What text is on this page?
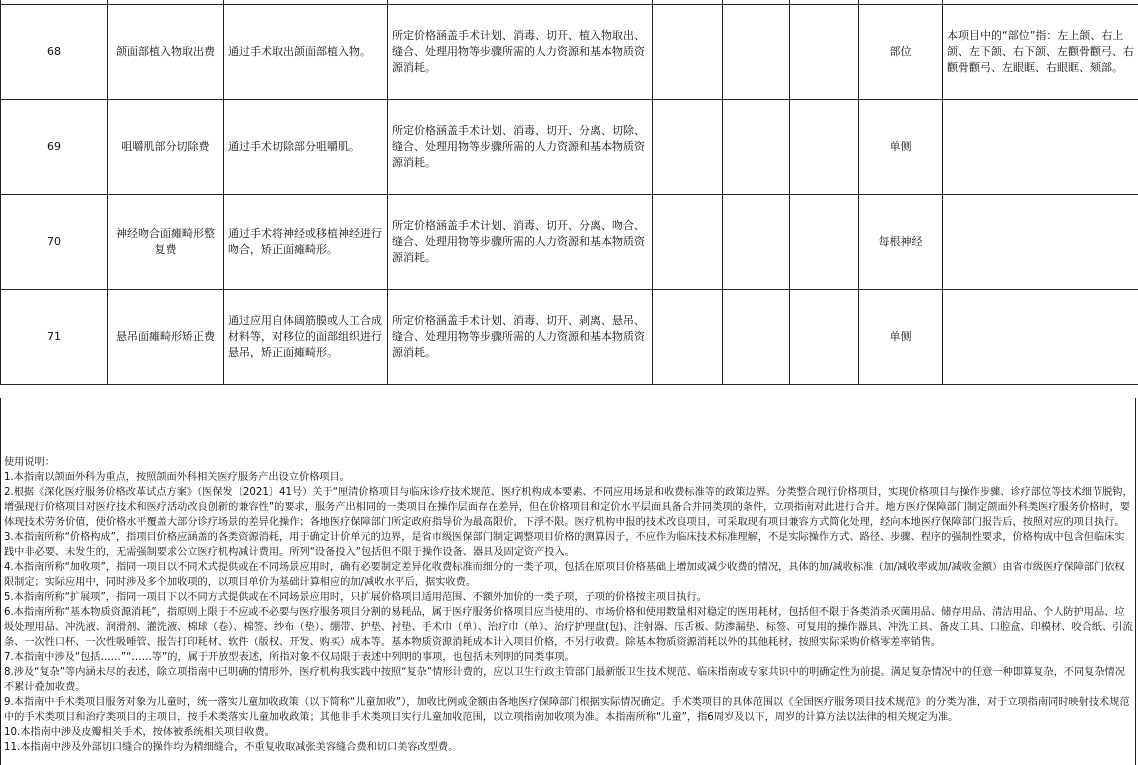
68	颌面部植入物取出费	通过手术取出颌面部植入物。	所定价格涵盖手术计划、消毒、切开、植入物取出、缝合、处理用物等步骤所需的人力资源和基本物质资源消耗。				部位	本项目中的“部位”指：左上颌、右上颌、左下颌、右下颌、左颧骨颧弓、右颧骨颧弓、左眼眶、右眼眶、颏部。
69	咀嚼肌部分切除费	通过手术切除部分咀嚼肌。	所定价格涵盖手术计划、消毒、切开、分离、切除、缝合、处理用物等步骤所需的人力资源和基本物质资源消耗。				单侧	
70	神经吻合面瘫畸形整复费	通过手术将神经或移植神经进行吻合，矫正面瘫畸形。	所定价格涵盖手术计划、消毒、切开、分离、吻合、缝合、处理用物等步骤所需的人力资源和基本物质资源消耗。				每根神经	
71	悬吊面瘫畸形矫正费	通过应用自体阔筋膜或人工合成材料等，对移位的面部组织进行悬吊，矫正面瘫畸形。	所定价格涵盖手术计划、消毒、切开、剥离、悬吊、缝合、处理用物等步骤所需的人力资源和基本物质资源消耗。				单侧	
使用说明：
1.本指南以颌面外科为重点，按照颌面外科相关医疗服务产出设立价格项目。
2.根据《深化医疗服务价格改革试点方案》（医保发〔2021〕41号）关于“厘清价格项目与临床诊疗技术规范、医疗机构成本要素、不同应用场景和收费标准等的政策边界。分类整合现行价格项目，实现价格项目与操作步骤、诊疗部位等技术细节脱钩，增强现行价格项目对医疗技术和医疗活动改良创新的兼容性”的要求，服务产出相同的一类项目在操作层面存在差异，但在价格项目和定价水平层面具备合并同类项的条件，立项指南对此进行合并。地方医疗保障部门制定颌面外科类医疗服务价格时，要体现技术劳务价值，使价格水平覆盖大部分诊疗场景的差异化操作；各地医疗保障部门所定政府指导价为最高限价，下浮不限。医疗机构申报的技术改良项目，可采取现有项目兼容方式简化处理，经向本地医疗保障部门报告后，按照对应的项目执行。
3.本指南所称“价格构成”，指项目价格应涵盖的各类资源消耗，用于确定计价单元的边界，是省市级医保部门制定调整项目价格的测算因子，不应作为临床技术标准理解，不是实际操作方式、路径、步骤、程序的强制性要求，价格构成中包含但临床实践中非必要、未发生的，无需强制要求公立医疗机构减计费用。所列“设备投入”包括但不限于操作设备、器具及固定资产投入。
4.本指南所称“加收项”，指同一项目以不同术式提供或在不同场景应用时，确有必要制定差异化收费标准而细分的一类子项，包括在原项目价格基础上增加或减少收费的情况，具体的加/减收标准（加/减收率或加/减收金额）由省市级医疗保障部门依权限制定；实际应用中，同时涉及多个加收项的，以项目单价为基础计算相应的加/减收水平后，据实收费。
5.本指南所称“扩展项”，指同一项目下以不同方式提供或在不同场景应用时，只扩展价格项目适用范围、不额外加价的一类子项，子项的价格按主项目执行。
6.本指南所称“基本物质资源消耗”，指原则上限于不应或不必要与医疗服务项目分割的易耗品，属于医疗服务价格项目应当使用的、市场价格和使用数量相对稳定的医用耗材，包括但不限于各类消杀灭菌用品、储存用品、清洁用品、个人防护用品、垃圾处理用品、冲洗液、润滑剂、灌洗液、棉球（卷）、棉签、纱布（垫）、绷带、护垫、衬垫、手术巾（单）、治疗巾（单）、治疗护理盘(包)、注射器、压舌板、防渗漏垫、标签、可复用的操作器具、冲洗工具、备皮工具、口腔盒、印模材、咬合纸、引流条、一次性口杯、一次性吸唾管、报告打印耗材、软件（版权、开发、购买）成本等。基本物质资源消耗成本计入项目价格，不另行收费。除基本物质资源消耗以外的其他耗材，按照实际采购价格零差率销售。
7.本指南中涉及“包括……”“……等”的，属于开放型表述，所指对象不仅局限于表述中列明的事项，也包括未列明的同类事项。
8.涉及“复杂”等内涵未尽的表述，除立项指南中已明确的情形外，医疗机构我实践中按照“复杂”情形计费的，应以卫生行政主管部门最新版卫生技术规范、临床指南或专家共识中的明确定性为前提。满足复杂情况中的任意一种即算复杂，不同复杂情况不累计叠加收费。
9.本指南中手术类项目服务对象为儿童时，统一落实儿童加收政策（以下简称“儿童加收”），加收比例或金额由各地医疗保障部门根据实际情况确定。手术类项目的具体范围以《全国医疗服务项目技术规范》的分类为准，对于立项指南同时映射技术规范中的手术类项目和治疗类项目的主项目，按手术类落实儿童加收政策；其他非手术类项目实行儿童加收范围，以立项指南加收项为准。本指南所称“儿童”，指6周岁及以下，周岁的计算方法以法律的相关规定为准。
10.本指南中涉及皮瓣相关手术，按体被系统相关项目收费。
11.本指南中涉及外部切口缝合的操作均为精细缝合，不重复收取减张美容缝合费和切口美容改型费。
